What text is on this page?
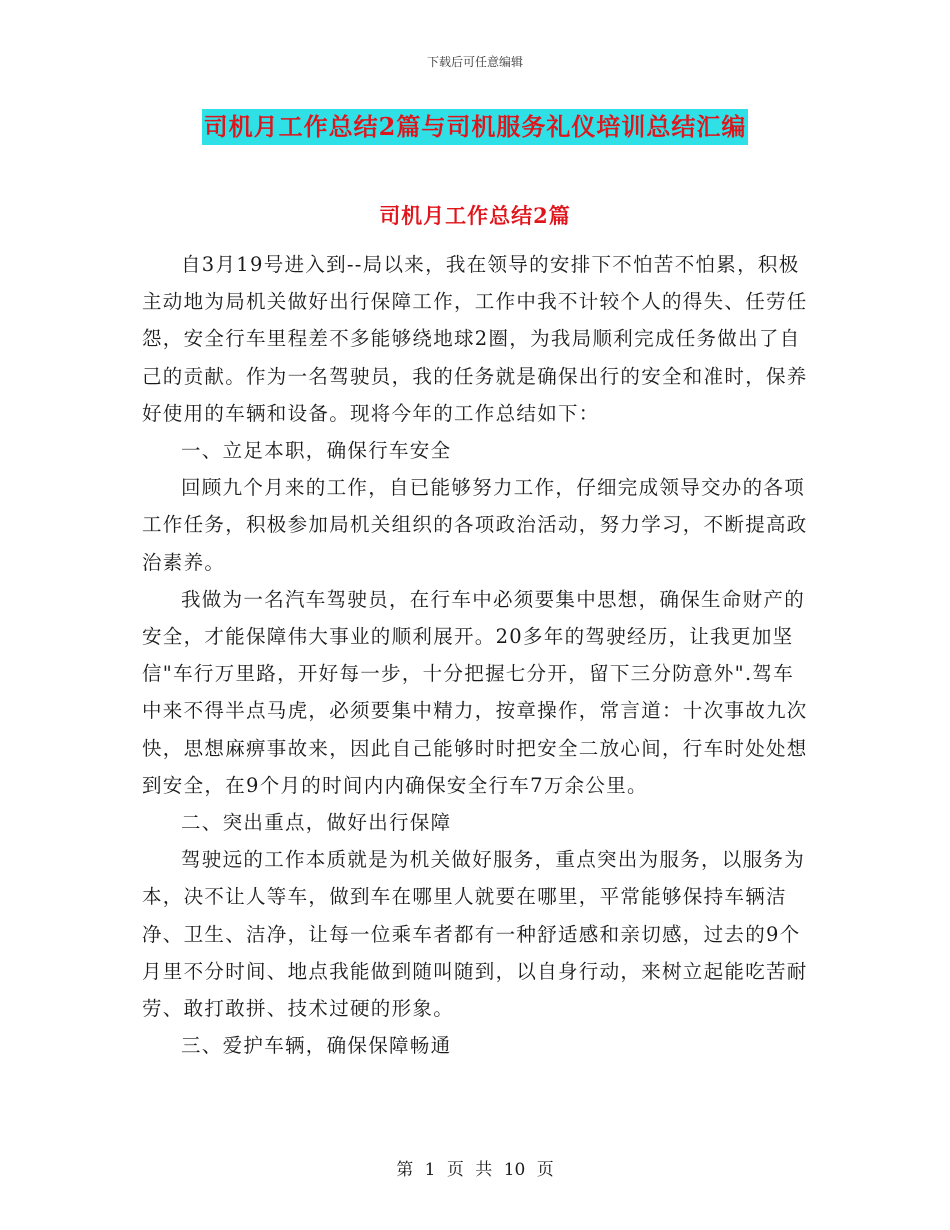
下载后可任意编辑
司机月工作总结2篇与司机服务礼仪培训总结汇编
司机月工作总结2篇

自3月19号进入到--局以来，我在领导的安排下不怕苦不怕累，积极主动地为局机关做好出行保障工作，工作中我不计较个人的得失、任劳任怨，安全行车里程差不多能够绕地球2圈，为我局顺利完成任务做出了自己的贡献。作为一名驾驶员，我的任务就是确保出行的安全和准时，保养好使用的车辆和设备。现将今年的工作总结如下：

一、立足本职，确保行车安全

回顾九个月来的工作，自已能够努力工作，仔细完成领导交办的各项工作任务，积极参加局机关组织的各项政治活动，努力学习，不断提高政治素养。

我做为一名汽车驾驶员，在行车中必须要集中思想，确保生命财产的安全，才能保障伟大事业的顺利展开。20多年的驾驶经历，让我更加坚信"车行万里路，开好每一步，十分把握七分开，留下三分防意外".驾车中来不得半点马虎，必须要集中精力，按章操作，常言道：十次事故九次快，思想麻痹事故来，因此自己能够时时把安全二放心间，行车时处处想到安全，在9个月的时间内内确保安全行车7万余公里。

二、突出重点，做好出行保障

驾驶远的工作本质就是为机关做好服务，重点突出为服务，以服务为本，决不让人等车，做到车在哪里人就要在哪里，平常能够保持车辆洁净、卫生、洁净，让每一位乘车者都有一种舒适感和亲切感，过去的9个月里不分时间、地点我能做到随叫随到，以自身行动，来树立起能吃苦耐劳、敢打敢拼、技术过硬的形象。

三、爱护车辆，确保保障畅通

第 1 页 共 10 页
